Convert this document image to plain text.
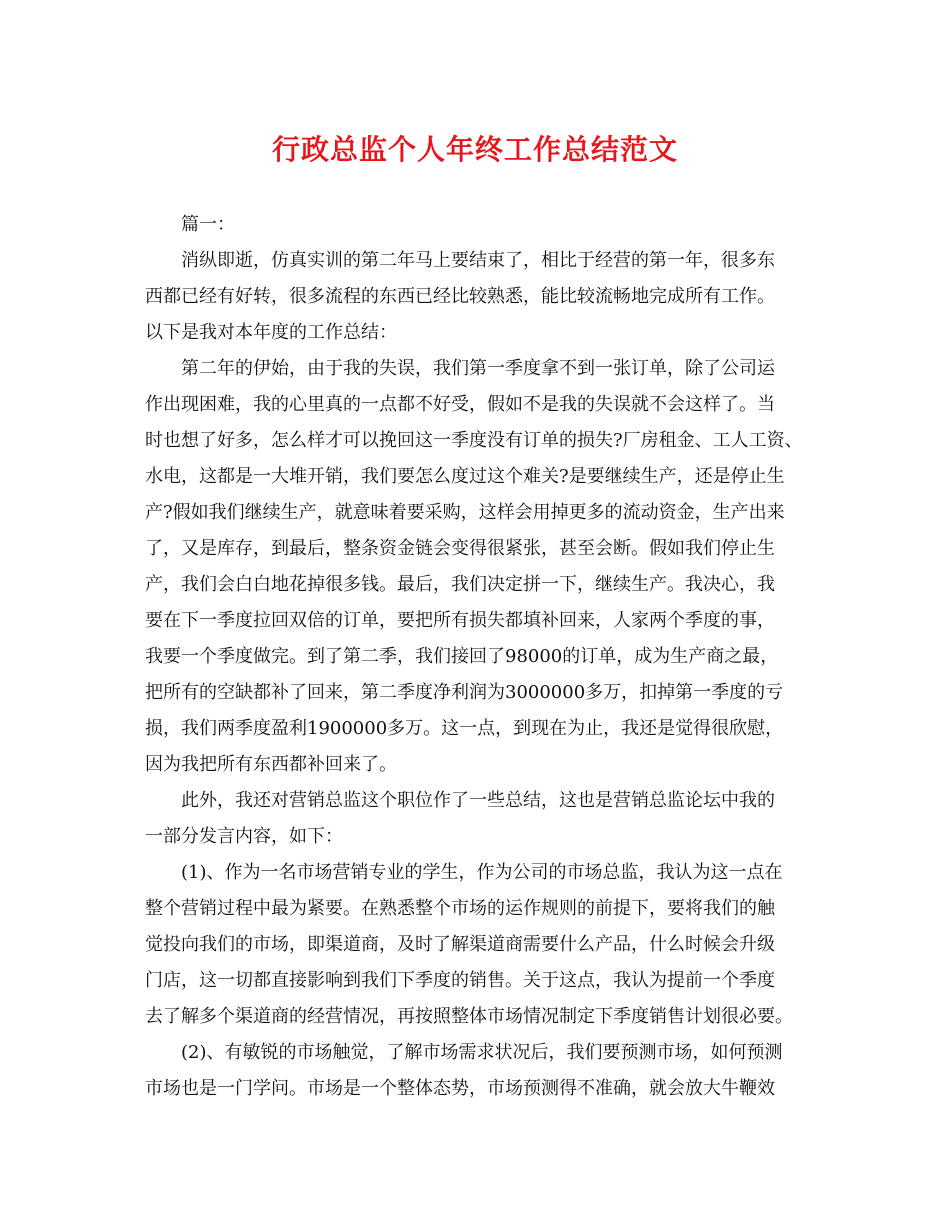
行政总监个人年终工作总结范文
篇一：
消纵即逝，仿真实训的第二年马上要结束了，相比于经营的第一年，很多东
西都已经有好转，很多流程的东西已经比较熟悉，能比较流畅地完成所有工作。
以下是我对本年度的工作总结：
第二年的伊始，由于我的失误，我们第一季度拿不到一张订单，除了公司运
作出现困难，我的心里真的一点都不好受，假如不是我的失误就不会这样了。当
时也想了好多，怎么样才可以挽回这一季度没有订单的损失?厂房租金、工人工资、
水电，这都是一大堆开销，我们要怎么度过这个难关?是要继续生产，还是停止生
产?假如我们继续生产，就意味着要采购，这样会用掉更多的流动资金，生产出来
了，又是库存，到最后，整条资金链会变得很紧张，甚至会断。假如我们停止生
产，我们会白白地花掉很多钱。最后，我们决定拼一下，继续生产。我决心，我
要在下一季度拉回双倍的订单，要把所有损失都填补回来，人家两个季度的事，
我要一个季度做完。到了第二季，我们接回了98000的订单，成为生产商之最，
把所有的空缺都补了回来，第二季度净利润为3000000多万，扣掉第一季度的亏
损，我们两季度盈利1900000多万。这一点，到现在为止，我还是觉得很欣慰，
因为我把所有东西都补回来了。
此外，我还对营销总监这个职位作了一些总结，这也是营销总监论坛中我的
一部分发言内容，如下：
(1)、作为一名市场营销专业的学生，作为公司的市场总监，我认为这一点在
整个营销过程中最为紧要。在熟悉整个市场的运作规则的前提下，要将我们的触
觉投向我们的市场，即渠道商，及时了解渠道商需要什么产品，什么时候会升级
门店，这一切都直接影响到我们下季度的销售。关于这点，我认为提前一个季度
去了解多个渠道商的经营情况，再按照整体市场情况制定下季度销售计划很必要。
(2)、有敏锐的市场触觉，了解市场需求状况后，我们要预测市场，如何预测
市场也是一门学问。市场是一个整体态势，市场预测得不准确，就会放大牛鞭效
